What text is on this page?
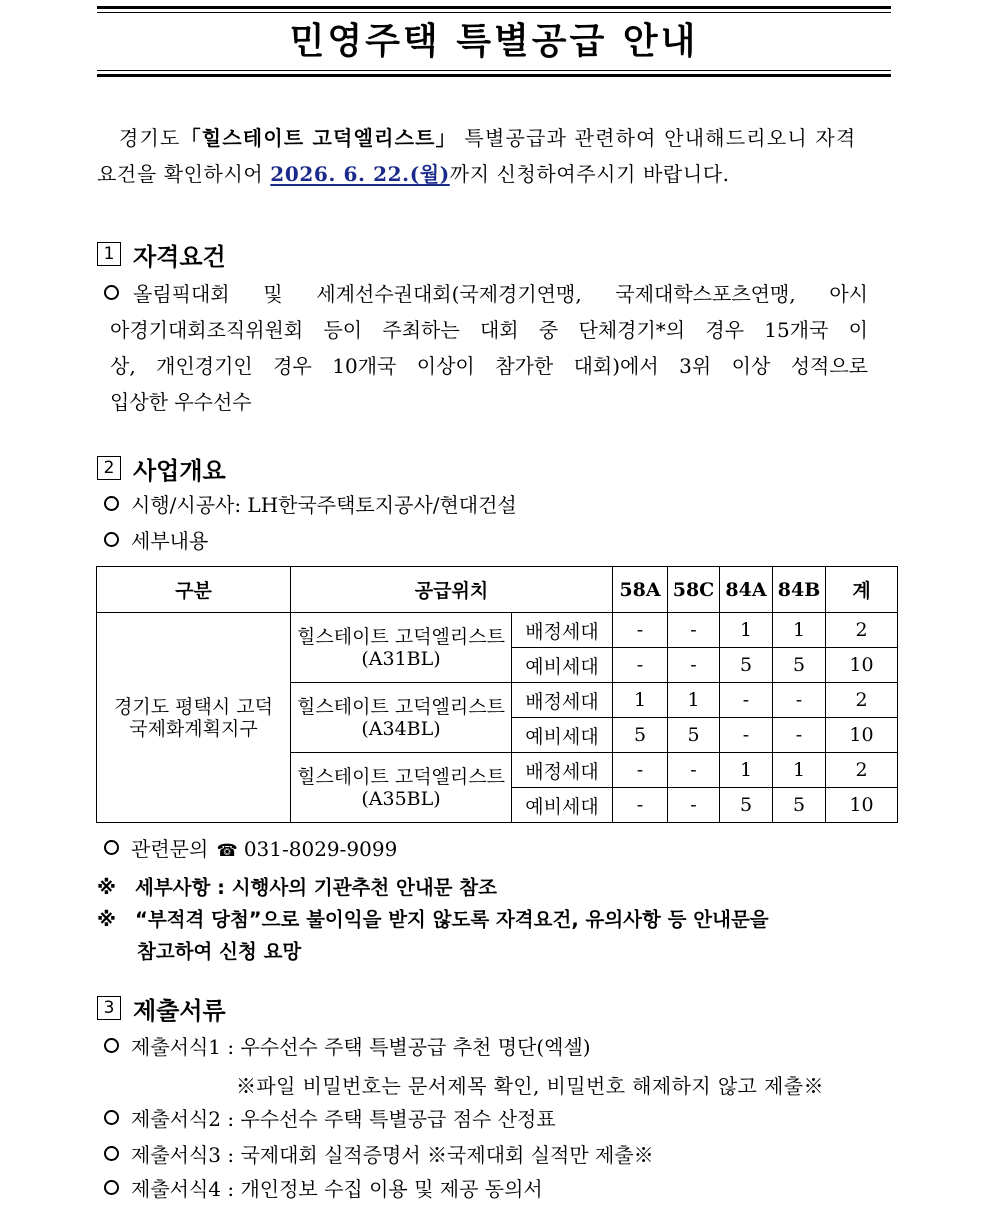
민영주택 특별공급 안내
경기도「힐스테이트 고덕엘리스트」 특별공급과 관련하여 안내해드리오니 자격
요건을 확인하시어 2026. 6. 22.(월)까지 신청하여주시기 바랍니다.
1 자격요건
올림픽대회 및 세계선수권대회(국제경기연맹, 국제대학스포츠연맹, 아시
아경기대회조직위원회 등이 주최하는 대회 중 단체경기*의 경우 15개국 이
상, 개인경기인 경우 10개국 이상이 참가한 대회)에서 3위 이상 성적으로
입상한 우수선수
2 사업개요
시행/시공사: LH한국주택토지공사/현대건설
세부내용
구분	공급위치		58A	58C	84A	84B	계
경기도 평택시 고덕국제화계획지구	힐스테이트 고덕엘리스트 (A31BL)	배정세대	-	-	1	1	2
		예비세대	-	-	5	5	10
	힐스테이트 고덕엘리스트 (A34BL)	배정세대	1	1	-	-	2
		예비세대	5	5	-	-	10
	힐스테이트 고덕엘리스트 (A35BL)	배정세대	-	-	1	1	2
		예비세대	-	-	5	5	10
관련문의 ☎ 031-8029-9099
※ 세부사항 : 시행사의 기관추천 안내문 참조
※ “부적격 당첨”으로 불이익을 받지 않도록 자격요건, 유의사항 등 안내문을
참고하여 신청 요망
3 제출서류
제출서식1 : 우수선수 주택 특별공급 추천 명단(엑셀)
※파일 비밀번호는 문서제목 확인, 비밀번호 해제하지 않고 제출※
제출서식2 : 우수선수 주택 특별공급 점수 산정표
제출서식3 : 국제대회 실적증명서 ※국제대회 실적만 제출※
제출서식4 : 개인정보 수집 이용 및 제공 동의서
